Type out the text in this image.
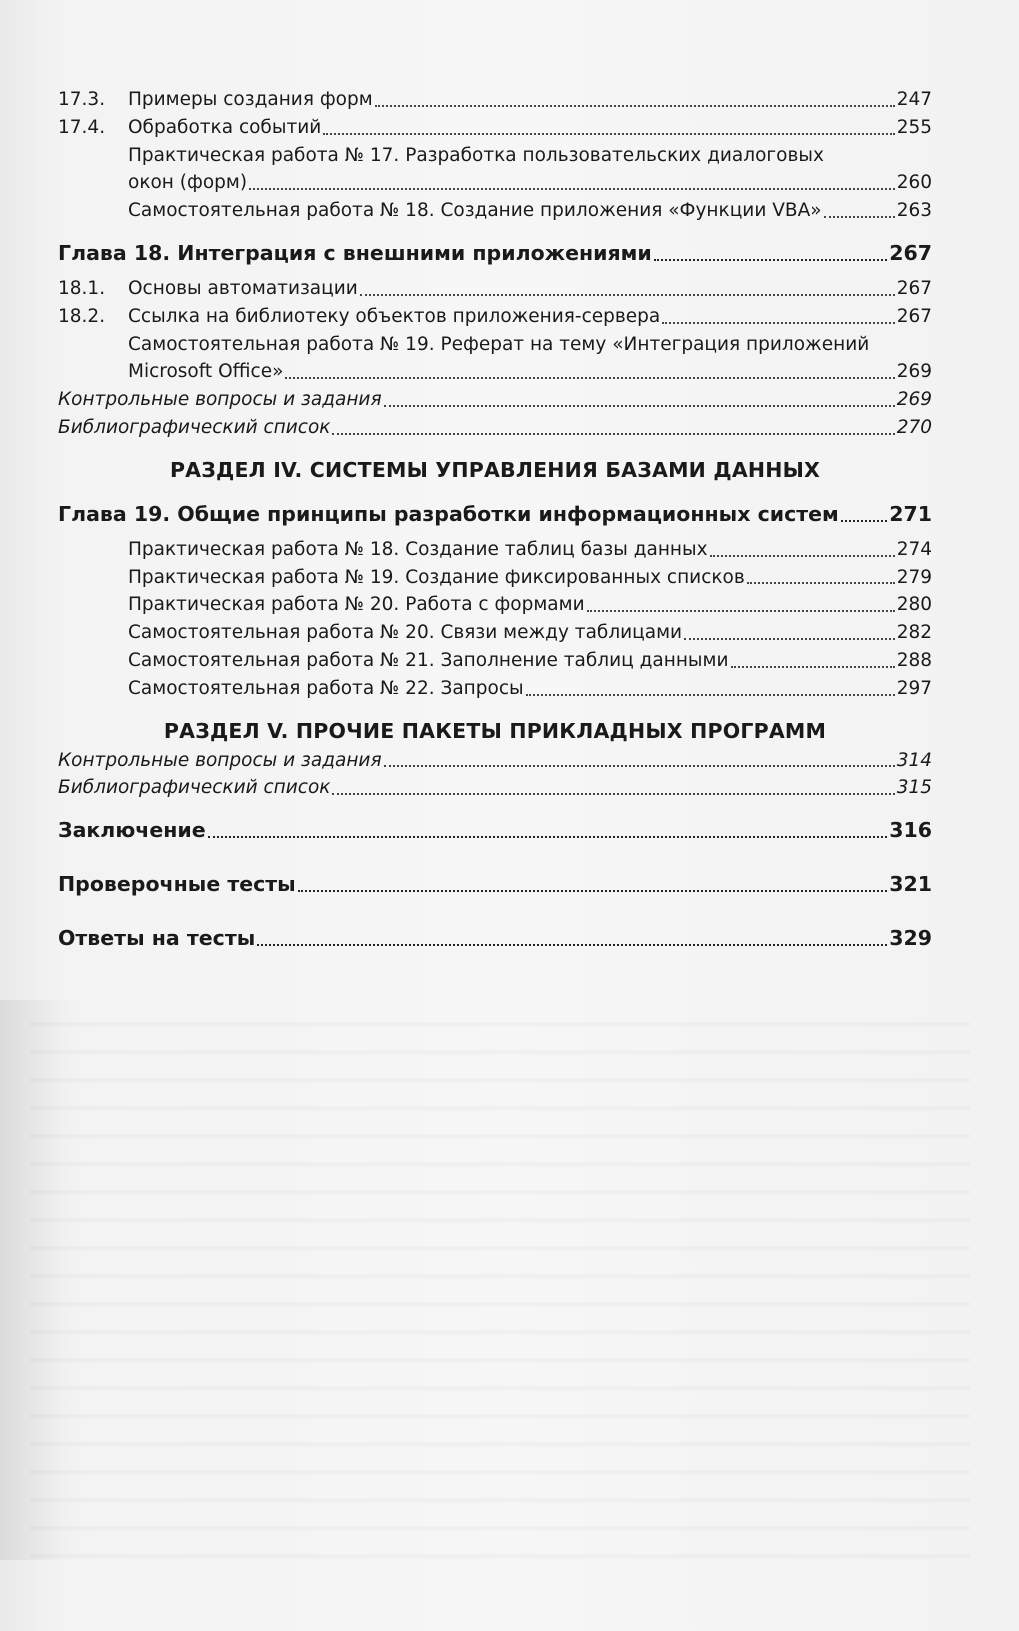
17.3.	Примеры создания форм	247
17.4.	Обработка событий	255
Практическая работа № 17. Разработка пользовательских диалоговых
окон (форм)	260
Самостоятельная работа № 18. Создание приложения «Функции VBA»	263
Глава 18. Интеграция с внешними приложениями	267
18.1.	Основы автоматизации	267
18.2.	Ссылка на библиотеку объектов приложения-сервера	267
Самостоятельная работа № 19. Реферат на тему «Интеграция приложений
Microsoft Office»	269
Контрольные вопросы и задания	269
Библиографический список	270
РАЗДЕЛ IV. СИСТЕМЫ УПРАВЛЕНИЯ БАЗАМИ ДАННЫХ
Глава 19. Общие принципы разработки информационных систем 271
Практическая работа № 18. Создание таблиц базы данных	274
Практическая работа № 19. Создание фиксированных списков	279
Практическая работа № 20. Работа с формами	280
Самостоятельная работа № 20. Связи между таблицами	282
Самостоятельная работа № 21. Заполнение таблиц данными	288
Самостоятельная работа № 22. Запросы	297
РАЗДЕЛ V. ПРОЧИЕ ПАКЕТЫ ПРИКЛАДНЫХ ПРОГРАММ
Контрольные вопросы и задания	314
Библиографический список	315
Заключение	316
Проверочные тесты	321
Ответы на тесты	329
